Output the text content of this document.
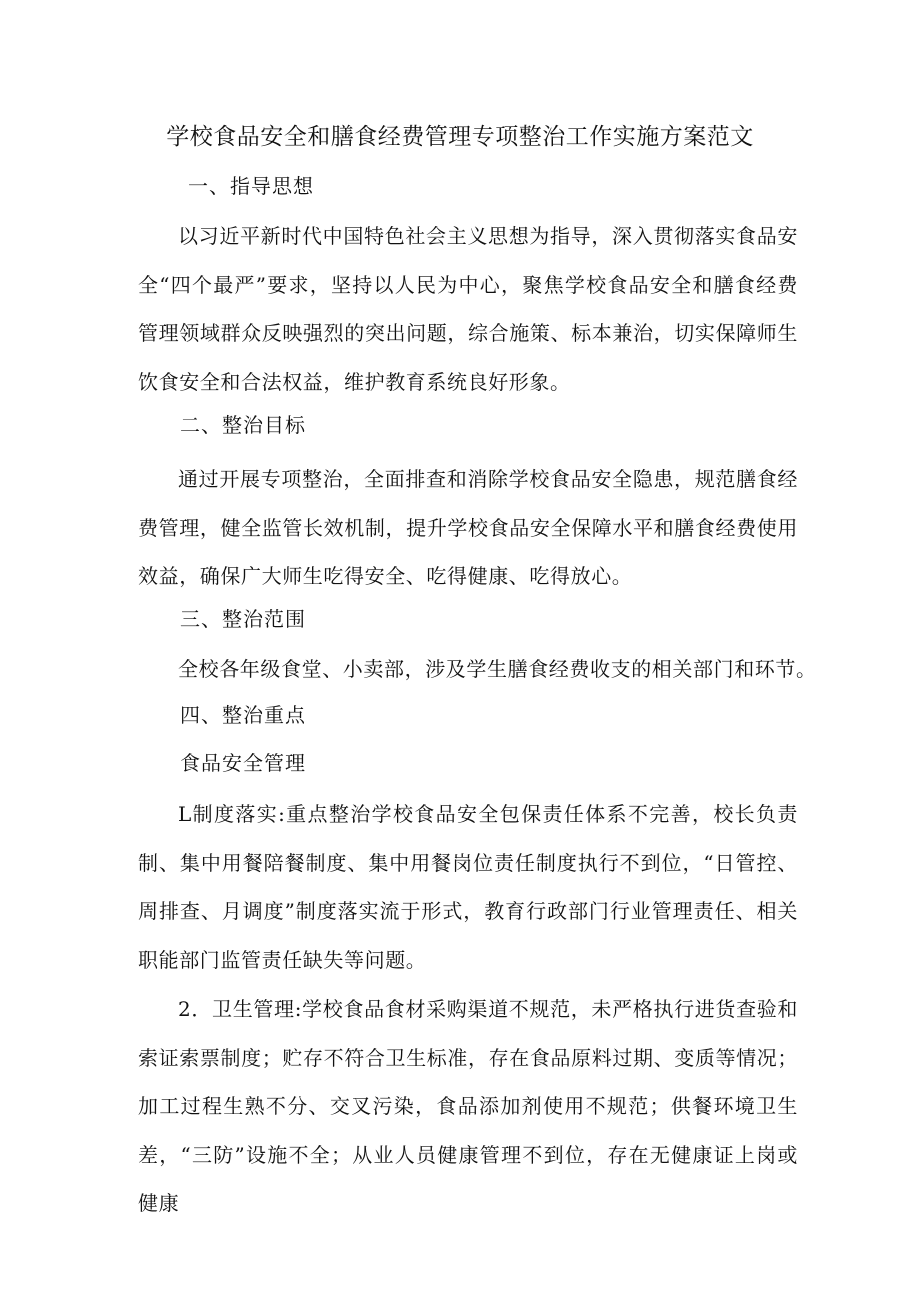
学校食品安全和膳食经费管理专项整治工作实施方案范文
一、指导思想
以习近平新时代中国特色社会主义思想为指导，深入贯彻落实食品安全“四个最严”要求，坚持以人民为中心，聚焦学校食品安全和膳食经费管理领域群众反映强烈的突出问题，综合施策、标本兼治，切实保障师生饮食安全和合法权益，维护教育系统良好形象。
二、整治目标
通过开展专项整治，全面排查和消除学校食品安全隐患，规范膳食经费管理，健全监管长效机制，提升学校食品安全保障水平和膳食经费使用效益，确保广大师生吃得安全、吃得健康、吃得放心。
三、整治范围
全校各年级食堂、小卖部，涉及学生膳食经费收支的相关部门和环节。
四、整治重点
食品安全管理
L制度落实:重点整治学校食品安全包保责任体系不完善，校长负责制、集中用餐陪餐制度、集中用餐岗位责任制度执行不到位，“日管控、周排查、月调度”制度落实流于形式，教育行政部门行业管理责任、相关职能部门监管责任缺失等问题。
2．卫生管理:学校食品食材采购渠道不规范，未严格执行进货查验和索证索票制度；贮存不符合卫生标准，存在食品原料过期、变质等情况；加工过程生熟不分、交叉污染，食品添加剂使用不规范；供餐环境卫生差，“三防”设施不全；从业人员健康管理不到位，存在无健康证上岗或健康
